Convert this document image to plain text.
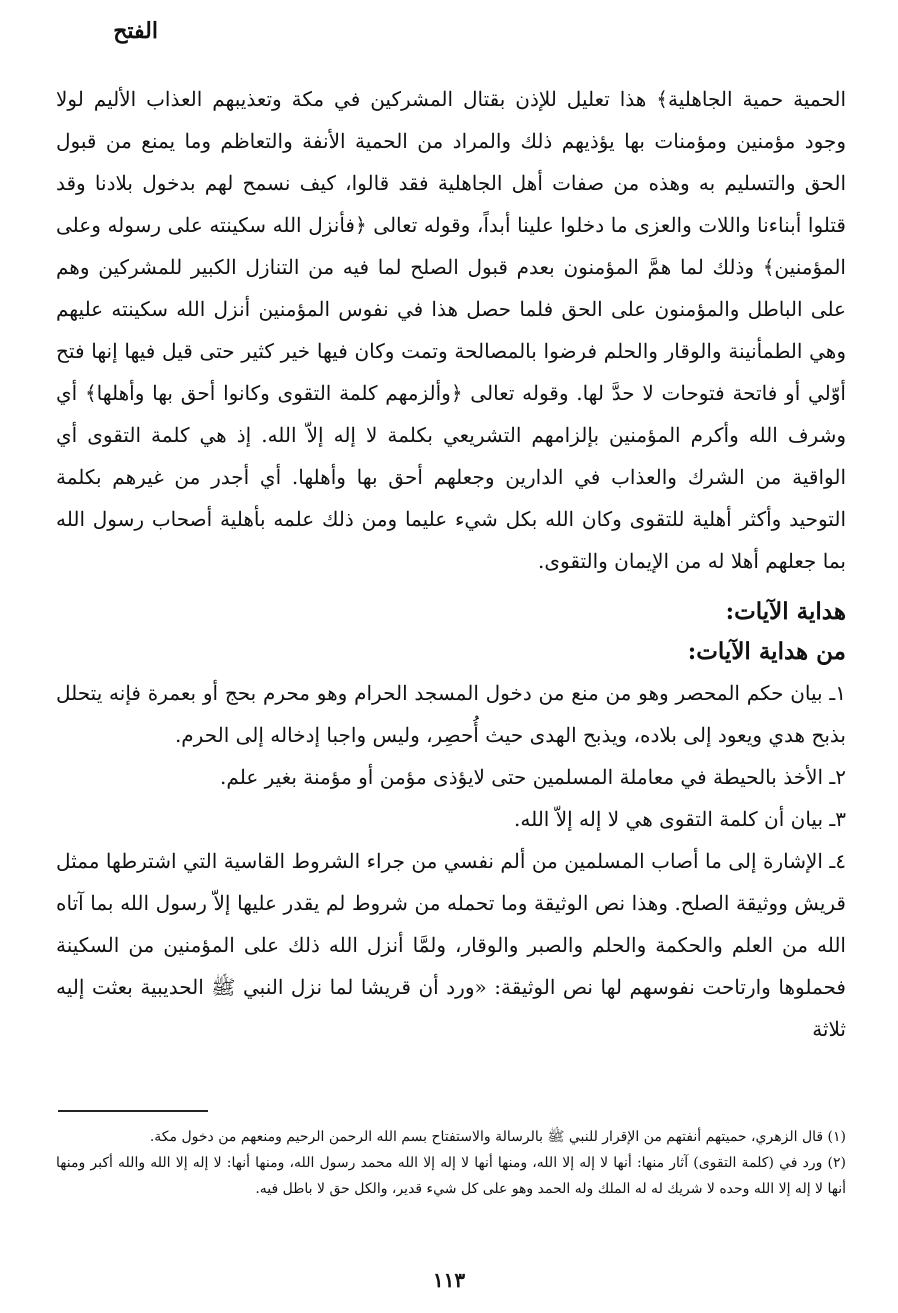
الفتح

الحمية حمية الجاهلية﴾ هذا تعليل للإذن بقتال المشركين في مكة وتعذيبهم العذاب الأليم لولا وجود مؤمنين ومؤمنات بها يؤذيهم ذلك والمراد من الحمية الأنفة والتعاظم وما يمنع من قبول الحق والتسليم به وهذه من صفات أهل الجاهلية فقد قالوا، كيف نسمح لهم بدخول بلادنا وقد قتلوا أبناءنا واللات والعزى ما دخلوا علينا أبداً، وقوله تعالى ﴿فأنزل الله سكينته على رسوله وعلى المؤمنين﴾ وذلك لما همَّ المؤمنون بعدم قبول الصلح لما فيه من التنازل الكبير للمشركين وهم على الباطل والمؤمنون على الحق فلما حصل هذا في نفوس المؤمنين أنزل الله سكينته عليهم وهي الطمأنينة والوقار والحلم فرضوا بالمصالحة وتمت وكان فيها خير كثير حتى قيل فيها إنها فتح أوّلي أو فاتحة فتوحات لا حدَّ لها. وقوله تعالى ﴿وألزمهم كلمة التقوى وكانوا أحق بها وأهلها﴾ أي وشرف الله وأكرم المؤمنين بإلزامهم التشريعي بكلمة لا إله إلاّ الله. إذ هي كلمة التقوى أي الواقية من الشرك والعذاب في الدارين وجعلهم أحق بها وأهلها. أي أجدر من غيرهم بكلمة التوحيد وأكثر أهلية للتقوى وكان الله بكل شيء عليما ومن ذلك علمه بأهلية أصحاب رسول الله بما جعلهم أهلا له من الإيمان والتقوى.

هداية الآيات:
من هداية الآيات:

١ـ بيان حكم المحصر وهو من منع من دخول المسجد الحرام وهو محرم بحج أو بعمرة فإنه يتحلل بذبح هدي ويعود إلى بلاده، ويذبح الهدى حيث أُحصِر، وليس واجبا إدخاله إلى الحرم.

٢ـ الأخذ بالحيطة في معاملة المسلمين حتى لايؤذى مؤمن أو مؤمنة بغير علم.

٣ـ بيان أن كلمة التقوى هي لا إله إلاّ الله.

٤ـ الإشارة إلى ما أصاب المسلمين من ألم نفسي من جراء الشروط القاسية التي اشترطها ممثل قريش ووثيقة الصلح. وهذا نص الوثيقة وما تحمله من شروط لم يقدر عليها إلاّ رسول الله بما آتاه الله من العلم والحكمة والحلم والصبر والوقار، ولمَّا أنزل الله ذلك على المؤمنين من السكينة فحملوها وارتاحت نفوسهم لها نص الوثيقة: «ورد أن قريشا لما نزل النبي ﷺ الحديبية بعثت إليه ثلاثة

(١) قال الزهري، حميتهم أنفتهم من الإقرار للنبي ﷺ بالرسالة والاستفتاح بسم الله الرحمن الرحيم ومنعهم من دخول مكة.

(٢) ورد في (كلمة التقوى) آثار منها: أنها لا إله إلا الله، ومنها أنها لا إله إلا الله محمد رسول الله، ومنها أنها: لا إله إلا الله والله أكبر ومنها أنها لا إله إلا الله وحده لا شريك له له الملك وله الحمد وهو على كل شيء قدير، والكل حق لا باطل فيه.

١١٣
